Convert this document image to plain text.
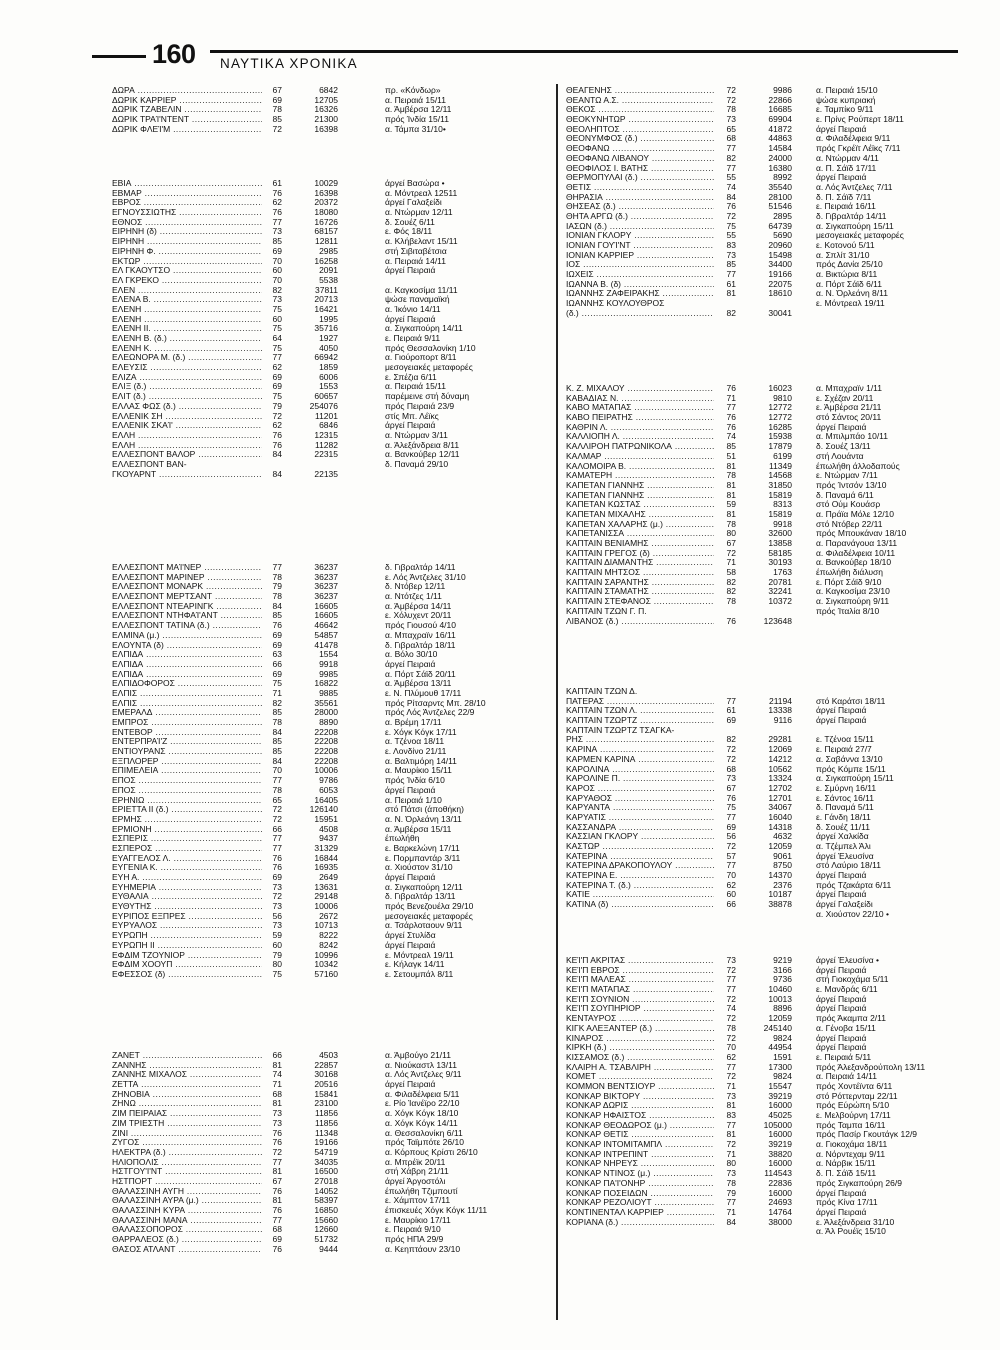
160 ΝΑΥΤΙΚΑ ΧΡΟΝΙΚΑ
ΔΩΡΑ .....	67	6842	πρ. «Κόνδωρ»
ΔΩΡΙΚ ΚΑΡΡΙΕΡ .....	69	12705	α. Πειραιά 15/11
ΔΩΡΙΚ ΤΖΑΒΕΛΙΝ .....	78	16326	α. Άμβέρσα 12/11
ΔΩΡΙΚ ΤΡΑΊ'ΝΤΕΝΤ .....	85	21300	πρός Ίνδία 15/11
ΔΩΡΙΚ ΦΛΕΊ'Μ .....	72	16398	α. Τάμπα 31/10•
ΕΒΙΑ .....	61	10029	άργεί Βασώρα •
ΕΒΜΑΡ .....	76	16398	α. Μόντρεαλ 12511
ΕΒΡΟΣ .....	62	20372	άργεί Γαλαξείδι
ΕΓΝΟΥΣΣΙΩΤΗΣ .....	76	18080	α. Ντώρμαν 12/11
ΕΘΝΟΣ .....	77	16726	δ. Σουέζ 6/11
ΕΙΡΗΝΗ (δ) .....	73	68157	ε. Φός 18/11
ΕΙΡΗΝΗ .....	85	12811	α. Κλήβελαντ 15/11
ΕΙΡΗΝΗ Φ. .....	69	2985	στή Σιβιταβέτσια
ΕΚΤΩΡ .....	70	16258	α. Πειραιά 14/11
ΕΛ ΓΚΑΟΥΤΣΟ .....	60	2091	άργεί Πειραιά
ΕΛ ΓΚΡΕΚΟ .....	70	5538
ΕΛΕΝ .....	82	37811	α. Καγκοσίμα 11/11
ΕΛΕΝΑ Β. .....	73	20713	ψώσε παναμαϊκή
ΕΛΕΝΗ .....	75	16421	α. Ίκόνιο 14/11
ΕΛΕΝΗ .....	60	1995	άργεί Πειραιά
ΕΛΕΝΗ ΙΙ. .....	75	35716	α. Σιγκαπούρη 14/11
ΕΛΕΝΗ Β. (δ.) .....	64	1927	ε. Πειραιά 9/11
ΕΛΕΝΗ Κ. .....	75	4050	πρός Θεσσαλονίκη 1/10
ΕΛΕΩΝΟΡΑ Μ. (δ.) .....	77	66942	α. Γιούροπορτ 8/11
ΕΛΕΥΣΙΣ .....	62	1859	μεσογειακές μεταφορές
ΕΛΙΖΑ .....	69	6006	ε. Σπέζια 6/11
ΕΛΙΞ (δ.) .....	69	1553	α. Πειραιά 15/11
ΕΛΙΤ (δ.) .....	75	60657	παρέμεινε στή δύναμη
ΕΛΛΑΣ ΦΩΣ (δ.) .....	79	254076	πρός Πειραιά 23/9
ΕΛΛΕΝΙΚ ΣΗ .....	72	11201	στίς Μπ. Λέϊκς
ΕΛΛΕΝΙΚ ΣΚΑΊ' .....	62	6846	άργεί Πειραιά
ΕΛΛΗ .....	76	12315	α. Ντώρμαν 3/11
ΕΛΛΗ .....	76	11282	α. Άλεξάνδρεια 8/11
ΕΛΛΕΣΠΟΝΤ ΒΑΛΟΡ .....	84	22315	α. Βανκούβερ 12/11
ΕΛΛΕΣΠΟΝΤ ΒΑΝ-	δ. Παναμά 29/10
ΓΚΟΥΑΡΝΤ .....	84	22135
ΕΛΛΕΣΠΟΝΤ ΜΑΊ'ΝΕΡ .....	77	36237	δ. Γιβραλτάρ 14/11
ΕΛΛΕΣΠΟΝΤ ΜΑΡΙΝΕΡ .....	78	36237	ε. Λός Άντζελες 31/10
ΕΛΛΕΣΠΟΝΤ ΜΟΝΑΡΚ .....	79	36237	δ. Ντόβερ 12/11
ΕΛΛΕΣΠΟΝΤ ΜΕΡΤΣΑΝΤ .....	78	36237	α. Ντότζες 1/11
ΕΛΛΕΣΠΟΝΤ ΝΤΕΑΡΙΝΓΚ .....	84	16605	α. Άμβέρσα 14/11
ΕΛΛΕΣΠΟΝΤ ΝΤΗΦΑΊ'ΑΝΤ .....	85	16605	ε. Χόλυχεντ 20/11
ΕΛΛΕΣΠΟΝΤ ΤΑΤΙΝΑ (δ.) .....	76	46642	πρός Γιουσού 4/10
ΕΛΜΙΝΑ (μ.) .....	69	54857	α. Μπαχραϊν 16/11
ΕΛΟΥΝΤΑ (δ) .....	69	41478	δ. Γιβραλτάρ 18/11
ΕΛΠΙΔΑ .....	63	1554	α. Βόλο 30/10
ΕΛΠΙΔΑ .....	66	9918	άργεί Πειραιά
ΕΛΠΙΔΑ .....	69	9985	α. Πόρτ Σάϊδ 20/11
ΕΛΠΙΔΟΦΟΡΟΣ .....	75	16822	α. Άμβέρσα 13/11
ΕΛΠΙΣ .....	71	9885	ε. Ν. Πλύμουθ 17/11
ΕΛΠΙΣ .....	82	35561	πρός Ρίτσαρντς Μπ. 28/10
ΕΜΕΡΑΛΔ .....	85	28000	πρός Λός Άντζελες 22/9
ΕΜΠΡΟΣ .....	78	8890	α. Βρέμη 17/11
ΕΝΤΕΒΟΡ .....	84	22208	ε. Χόγκ Κόγκ 17/11
ΕΝΤΕΡΠΡΑΊ'Ζ .....	85	22208	α. Τζένοα 18/11
ΕΝΤΙΟΥΡΑΝΣ .....	85	22208	ε. Λονδίνο 21/11
ΕΞΠΛΟΡΕΡ .....	84	22208	α. Βαλτιμόρη 14/11
ΕΠΙΜΕΛΕΙΑ .....	70	10006	α. Μαυρίκιο 15/11
ΕΠΟΣ .....	77	9786	πρός Ίνδία 6/10
ΕΠΟΣ .....	78	6053	άργεί Πειραιά
ΕΡΗΝΙΩ .....	65	16405	α. Πειραιά 1/10
ΕΡΙΕΤΤΑ ΙΙ (δ.) .....	72	126140	στό Πάτσι (άποθήκη)
ΕΡΜΗΣ .....	72	15951	α. Ν. Όρλεάνη 13/11
ΕΡΜΙΟΝΗ .....	66	4508	α. Άμβέρσα 15/11
ΕΣΠΕΡΙΣ .....	77	9437	έπωλήθη
ΕΣΠΕΡΟΣ .....	77	31329	ε. Βαρκελώνη 17/11
ΕΥΑΓΓΕΛΟΣ Λ. .....	76	16844	ε. Πορμπαντάρ 3/11
ΕΥΓΕΝΙΑ Κ. .....	76	16935	α. Χιούστον 31/10
ΕΥΗ Α. .....	69	2649	άργεί Πειραιά
ΕΥΗΜΕΡΙΑ .....	73	13631	α. Σιγκαπούρη 12/11
ΕΥΘΑΛΙΑ .....	72	29148	δ. Γιβραλτάρ 13/11
ΕΥΘΥΤΗΣ .....	73	10006	πρός Βενεζουέλα 29/10
ΕΥΡΙΠΟΣ ΕΞΠΡΕΣ .....	56	2672	μεσογειακές μεταφορές
ΕΥΡΥΑΛΟΣ .....	73	10713	α. Τσάρλοταουν 9/11
ΕΥΡΩΠΗ .....	59	8222	άργεί Στυλίδα
ΕΥΡΩΠΗ ΙΙ .....	60	8242	άργεί Πειραιά
ΕΦΔΙΜ ΤΖΟΥΝΙΟΡ .....	79	10996	ε. Μόντρεαλ 19/11
ΕΦΔΙΜ ΧΟΟΥΠ .....	80	10342	ε. Κήλαγκ 14/11
ΕΦΕΣΣΟΣ (δ) .....	75	57160	ε. Σετουμπάλ 8/11
ΖΑΝΕΤ .....	66	4503	α. Άμβούγο 21/11
ΖΑΝΝΗΣ .....	81	22857	α. Νιούκαστλ 13/11
ΖΑΝΝΗΣ ΜΙΧΑΛΟΣ .....	74	30168	α. Λός Άντζελες 9/11
ΖΕΤΤΑ .....	71	20516	άργεί Πειραιά
ΖΗΝΟΒΙΑ .....	68	15841	α. Φιλαδέλφεια 5/11
ΖΗΝΩ .....	81	23100	ε. Ρίο Ίανέϊρο 22/10
ΖΙΜ ΠΕΙΡΑΙΑΣ .....	73	11856	α. Χόγκ Κόγκ 18/10
ΖΙΜ ΤΡΙΕΣΤΗ .....	73	11856	α. Χόγκ Κόγκ 14/11
ΖΙΝΙ .....	76	11348	α. Θεσσαλονίκη 6/11
ΖΥΓΟΣ .....	76	19166	πρός Ταϊμπότε 26/10
ΗΛΕΚΤΡΑ (δ.) .....	72	54719	α. Κόρπους Κρίστι 26/10
ΗΛΙΟΠΟΛΙΣ .....	77	34035	α. Μπρέϊκ 20/11
ΗΣΤΓΟΥ'Ι'ΝΤ .....	81	16500	στή Χάβρη 21/11
ΗΣΤΠΟΡΤ .....	67	27018	άργεί Άργοστόλι
ΘΑΛΑΣΣΙΝΗ ΑΥΓΗ .....	76	14052	έπωλήθη Τζιμπουτί
ΘΑΛΑΣΣΙΝΗ ΑΥΡΑ (μ.) .....	81	58397	ε. Χάμπτον 17/11
ΘΑΛΑΣΣΙΝΗ ΚΥΡΑ .....	76	16850	έπισκευές Χόγκ Κόγκ 11/11
ΘΑΛΑΣΣΙΝΗ ΜΑΝΑ .....	77	15660	ε. Μαυρίκιο 17/11
ΘΑΛΑΣΣΟΠΟΡΟΣ .....	68	12660	ε. Πειραιά 9/10
ΘΑΡΡΑΛΕΟΣ (δ.) .....	69	51732	πρός ΗΠΑ 29/9
ΘΑΣΟΣ ΑΤΛΑΝΤ .....	76	9444	α. Κεηπτάουν 23/10
ΘΕΑΓΕΝΗΣ .....	72	9986	α. Πειραιά 15/10
ΘΕΑΝΤΩ Α.Σ. .....	72	22866	ψώσε κυπριακή
ΘΕΚΟΣ .....	78	16685	ε. Ταμπίκο 9/11
ΘΕΟΚΥΝΗΤΩΡ .....	73	69904	ε. Πρίνς Ρούπερτ 18/11
ΘΕΟΛΗΠΤΟΣ .....	65	41872	άργεί Πειραιά
ΘΕΟΝΥΜΦΟΣ (δ.) .....	68	44863	α. Φιλαδέλφεια 9/11
ΘΕΟΦΑΝΩ .....	77	14584	πρός Γκρέϊτ Λέϊκς 7/11
ΘΕΟΦΑΝΩ ΛΙΒΑΝΟΥ .....	82	24000	α. Ντώρμαν 4/11
ΘΕΟΦΙΛΟΣ Ι. ΒΑΤΗΣ .....	77	16380	α. Π. Σάϊδ 17/11
ΘΕΡΜΟΠΥΛΑΙ (δ.) .....	55	8992	άργεί Πειραιά
ΘΕΤΙΣ .....	74	35540	α. Λός Άντζελες 7/11
ΘΗΡΑΣΙΑ .....	84	28100	δ. Π. Σάϊδ 7/11
ΘΗΣΕΑΣ (δ.) .....	76	51546	ε. Πειραιά 16/11
ΘΗΤΑ ΑΡΓΩ (δ.) .....	72	2895	δ. Γιβραλτάρ 14/11
ΙΑΣΩΝ (δ.) .....	75	64739	α. Σιγκαπούρη 15/11
ΙΟΝΙΑΝ ΓΚΛΟΡΥ .....	55	5690	μεσογειακές μεταφορές
ΙΟΝΙΑΝ ΓΟΥΊ'ΝΤ .....	83	20960	ε. Κοτονού 5/11
ΙΟΝΙΑΝ ΚΑΡΡΙΕΡ .....	73	15498	α. Σπλίτ 31/10
ΙΟΣ .....	85	34400	πρός Δανία 25/10
ΙΩΧΕΙΣ .....	77	19166	α. Βικτώρια 8/11
ΙΩΑΝΝΑ Β. (δ) .....	61	22075	α. Πόρτ Σάϊδ 6/11
ΙΩΑΝΝΗΣ ΖΑΦΕΙΡΑΚΗΣ .....	81	18610	α. Ν. Όρλεάνη 8/11
ΙΩΑΝΝΗΣ ΚΟΥΛΟΥΘΡΟΣ	ε. Μόντρεαλ 19/11
(δ.) .....	82	30041
Κ. Ζ. ΜΙΧΑΛΟΥ .....	76	16023	α. Μπαχραϊν 1/11
ΚΑΒΑΔΙΑΣ Ν. .....	71	9810	ε. Σχέζαν 20/11
ΚΑΒΟ ΜΑΤΑΠΑΣ .....	77	12772	ε. Άμβέρσα 21/11
ΚΑΒΟ ΠΕΙΡΑΤΗΣ .....	76	12772	στό Σάντος 20/11
ΚΑΘΡΙΝ Λ. .....	76	16285	άργεί Πειραιά
ΚΑΛΛΙΟΠΗ Λ. .....	74	15938	α. Μπιλμπάο 10/11
ΚΑΛΛΙΡΟΗ ΠΑΤΡΩΝΙΚΟΛΑ .....	85	17879	δ. Σουέζ 13/11
ΚΑΛΜΑΡ .....	51	6199	στή Λουάντα
ΚΑΛΟΜΟΙΡΑ Β. .....	81	11349	έπωλήθη άλλοδαπούς
ΚΑΜΑΤΕΡΗ .....	78	14568	ε. Ντώρμαν 7/11
ΚΑΠΕΤΑΝ ΓΙΑΝΝΗΣ .....	81	31850	πρός Ίντσόν 13/10
ΚΑΠΕΤΑΝ ΓΙΑΝΝΗΣ .....	81	15819	δ. Παναμά 6/11
ΚΑΠΕΤΑΝ ΚΩΣΤΑΣ .....	59	8313	στό Ούμ Κουάσρ
ΚΑΠΕΤΑΝ ΜΙΧΑΛΗΣ .....	81	15819	α. Πράϊα Μόλε 12/10
ΚΑΠΕΤΑΝ ΧΑΛΑΡΗΣ (μ.) .....	78	9918	στό Ντόβερ 22/11
ΚΑΠΕΤΑΝΙΣΣΑ .....	80	32600	πρός Μπουκάναν 18/10
ΚΑΠΤΑΙΝ ΒΕΝΙΑΜΗΣ .....	67	13858	α. Παρανάγουα 13/11
ΚΑΠΤΑΙΝ ΓΡΕΓΟΣ (δ) .....	72	58185	α. Φιλαδέλφεια 10/11
ΚΑΠΤΑΙΝ ΔΙΑΜΑΝΤΗΣ .....	71	30193	α. Βανκούβερ 18/10
ΚΑΠΤΑΙΝ ΜΗΤΣΟΣ .....	58	1763	έπωλήθη διάλυση
ΚΑΠΤΑΙΝ ΣΑΡΑΝΤΗΣ .....	82	20781	ε. Πόρτ Σάϊδ 9/10
ΚΑΠΤΑΙΝ ΣΤΑΜΑΤΗΣ .....	82	32241	α. Καγκοσίμα 23/10
ΚΑΠΤΑΙΝ ΣΤΕΦΑΝΟΣ .....	78	10372	α. Σιγκαπούρη 9/11
ΚΑΠΤΑΙΝ ΤΖΩΝ Γ. Π.	πρός Ίταλία 8/10
ΛΙΒΑΝΟΣ (δ.) .....	76	123648
ΚΑΠΤΑΙΝ ΤΖΩΝ Δ.
ΠΑΤΕΡΑΣ .....	77	21194	στό Καράτσι 18/11
ΚΑΠΤΑΙΝ ΤΖΩΝ Λ. .....	61	13338	άργεί Πειραιά
ΚΑΠΤΑΙΝ ΤΖΩΡΤΖ .....	69	9116	άργεί Πειραιά
ΚΑΠΤΑΙΝ ΤΖΩΡΤΖ ΤΣΑΓΚΑ-
ΡΗΣ .....	82	29281	ε. Τζένοα 15/11
ΚΑΡΙΝΑ .....	72	12069	ε. Πειραιά 27/7
ΚΑΡΜΕΝ ΚΑΡΙΝΑ .....	72	14212	α. Σαβάννα 13/10
ΚΑΡΟΛΙΝΑ .....	68	10562	πρός Κόμπε 15/11
ΚΑΡΟΛΙΝΕ Π. .....	73	13324	α. Σιγκαπούρη 15/11
ΚΑΡΟΣ .....	67	12702	ε. Σμύρνη 16/11
ΚΑΡΥΑΘΟΣ .....	76	12701	ε. Σάντος 16/11
ΚΑΡΥΑΝΤΑ .....	75	34067	δ. Παναμά 5/11
ΚΑΡΥΑΤΙΣ .....	77	16040	ε. Γάνδη 18/11
ΚΑΣΣΑΝΔΡΑ .....	69	14318	δ. Σουέζ 11/11
ΚΑΣΣΙΑΝ ΓΚΛΟΡΥ .....	56	4632	άργεί Χαλκίδα
ΚΑΣΤΩΡ .....	72	12059	α. Τζέμπελ Άλι
ΚΑΤΕΡΙΝΑ .....	57	9061	άργεί Έλευσίνα
ΚΑΤΕΡΙΝΑ ΔΡΑΚΟΠΟΥΛΟΥ .....	77	8750	στό Λαύριο 18/11
ΚΑΤΕΡΙΝΑ Ε. .....	70	14370	άργεί Πειραιά
ΚΑΤΕΡΙΝΑ Τ. (δ.) .....	62	2376	πρός Τζακάρτα 6/11
ΚΑΤΙΕ .....	60	10187	άργεί Πειραιά
ΚΑΤΙΝΑ (δ) .....	66	38878	άργεί Γαλαξείδι
α. Χιούστον 22/10 •
ΚΕΊ'Π ΑΚΡΙΤΑΣ .....	73	9219	άργεί Έλευσίνα •
ΚΕΊ'Π ΕΒΡΟΣ .....	72	3166	άργεί Πειραιά
ΚΕΊ'Π ΜΑΛΕΑΣ .....	77	9736	στή Γιοκοχάμα 5/11
ΚΕΊ'Π ΜΑΤΑΠΑΣ .....	77	10460	ε. Μανδράς 6/11
ΚΕΊ'Π ΣΟΥΝΙΟΝ .....	72	10013	άργεί Πειραιά
ΚΕΊ'Π ΣΟΥΠΗΡΙΟΡ .....	74	8896	άργεί Πειραιά
ΚΕΝΤΑΥΡΟΣ .....	72	12059	πρός Άκαμπα 2/11
ΚΙΓΚ ΑΛΕΞΑΝΤΕΡ (δ.) .....	78	245140	α. Γένοβα 15/11
ΚΙΝΑΡΟΣ .....	72	9824	άργεί Πειραιά
ΚΙΡΚΗ (δ.) .....	70	44954	άργεί Πειραιά
ΚΙΣΣΑΜΟΣ (δ.) .....	62	1591	ε. Πειραιά 5/11
ΚΛΑΙΡΗ Α. ΤΣΑΒΛΙΡΗ .....	77	17300	πρός Άλεξανδρούπολη 13/11
ΚΟΜΕΤ .....	72	9824	α. Πειραιά 14/11
ΚΟΜΜΟΝ ΒΕΝΤΣΙΟΥΡ .....	71	15547	πρός Χοντέϊντα 6/11
ΚΟΝΚΑΡ ΒΙΚΤΟΡΥ .....	73	39219	στό Ρόττερνταμ 22/11
ΚΟΝΚΑΡ ΔΩΡΙΣ .....	81	16000	πρός Εύρώπη 5/10
ΚΟΝΚΑΡ ΗΦΑΙΣΤΟΣ .....	83	45025	ε. Μελβούρνη 17/11
ΚΟΝΚΑΡ ΘΕΟΔΩΡΟΣ (μ.) .....	77	105000	πρός Ταμπα 16/11
ΚΟΝΚΑΡ ΘΕΤΙΣ .....	81	16000	πρός Πασίρ Γκουτάγκ 12/9
ΚΟΝΚΑΡ ΙΝΤΟΜΙΤΑΜΠΛ .....	72	39219	α. Γιοκοχάμα 18/11
ΚΟΝΚΑΡ ΙΝΤΡΕΠΙΝΤ .....	71	38820	α. Νόρντεχαμ 9/11
ΚΟΝΚΑΡ ΝΗΡΕΥΣ .....	80	16000	α. Νάρβικ 15/11
ΚΟΝΚΑΡ ΝΤΙΝΟΣ (μ.) .....	73	114543	δ. Π. Σάϊδ 15/11
ΚΟΝΚΑΡ ΠΑ'Ι'ΟΝΗΡ .....	78	22836	πρός Σιγκαπούρη 26/9
ΚΟΝΚΑΡ ΠΟΣΕΙΔΩΝ .....	79	16000	άργεί Πειραιά
ΚΟΝΚΑΡ ΡΕΖΟΛΙΟΥΤ .....	77	24693	πρός Κίνα 17/11
ΚΟΝΤΙΝΕΝΤΑΛ ΚΑΡΡΙΕΡ .....	71	14764	άργεί Πειραιά
ΚΟΡΙΑΝΑ (δ.) .....	84	38000	ε. Άλεξάνδρεια 31/10
α. Άλ Ρουέϊς 15/10
